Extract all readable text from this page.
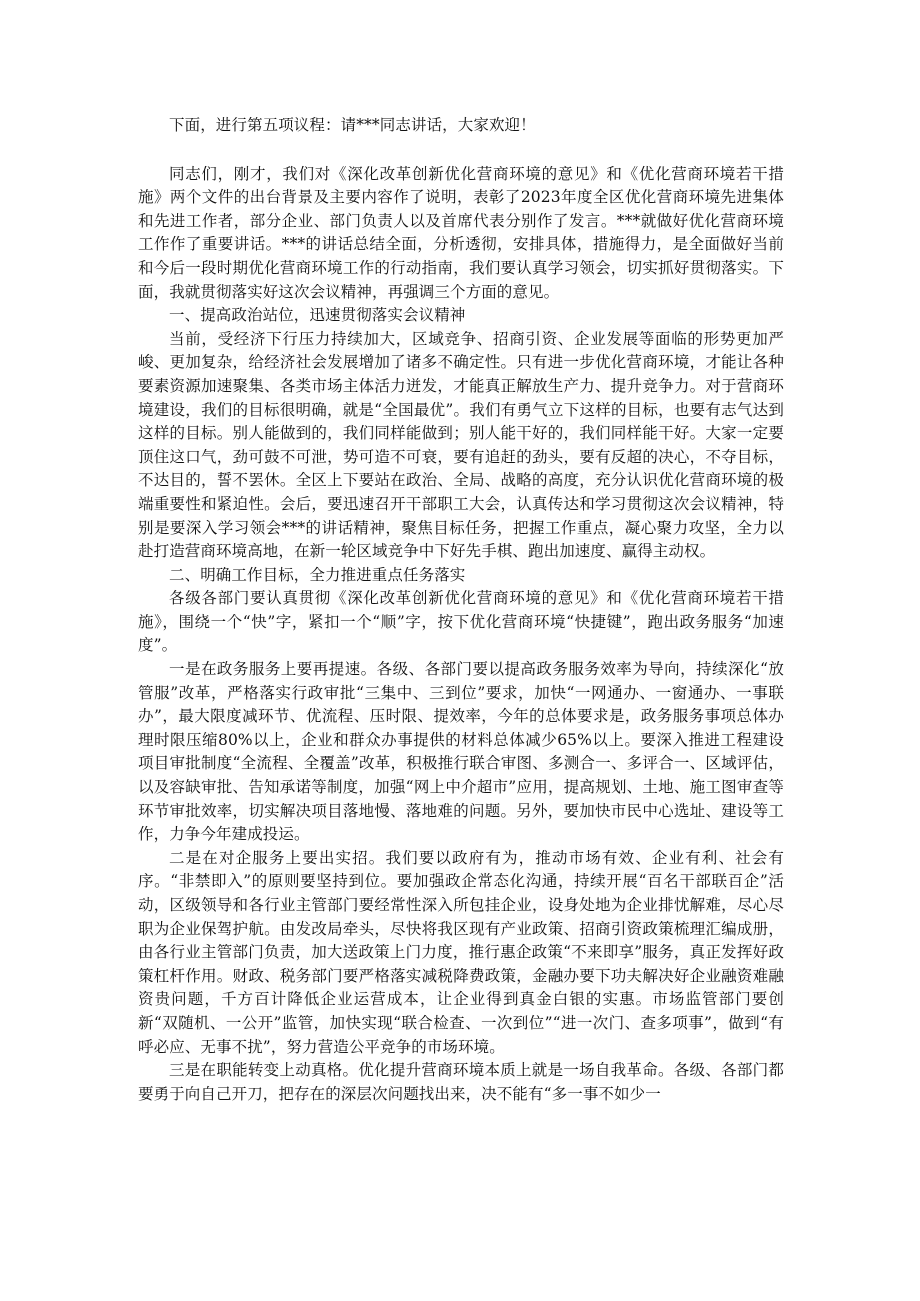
下面，进行第五项议程：请***同志讲话，大家欢迎！

同志们，刚才，我们对《深化改革创新优化营商环境的意见》和《优化营商环境若干措施》两个文件的出台背景及主要内容作了说明，表彰了2023年度全区优化营商环境先进集体和先进工作者，部分企业、部门负责人以及首席代表分别作了发言。***就做好优化营商环境工作作了重要讲话。***的讲话总结全面，分析透彻，安排具体，措施得力，是全面做好当前和今后一段时期优化营商环境工作的行动指南，我们要认真学习领会，切实抓好贯彻落实。下面，我就贯彻落实好这次会议精神，再强调三个方面的意见。

一、提高政治站位，迅速贯彻落实会议精神

当前，受经济下行压力持续加大，区域竞争、招商引资、企业发展等面临的形势更加严峻、更加复杂，给经济社会发展增加了诸多不确定性。只有进一步优化营商环境，才能让各种要素资源加速聚集、各类市场主体活力迸发，才能真正解放生产力、提升竞争力。对于营商环境建设，我们的目标很明确，就是“全国最优”。我们有勇气立下这样的目标，也要有志气达到这样的目标。别人能做到的，我们同样能做到；别人能干好的，我们同样能干好。大家一定要顶住这口气，劲可鼓不可泄，势可造不可衰，要有追赶的劲头，要有反超的决心，不夺目标，不达目的，誓不罢休。全区上下要站在政治、全局、战略的高度，充分认识优化营商环境的极端重要性和紧迫性。会后，要迅速召开干部职工大会，认真传达和学习贯彻这次会议精神，特别是要深入学习领会***的讲话精神，聚焦目标任务，把握工作重点，凝心聚力攻坚，全力以赴打造营商环境高地，在新一轮区域竞争中下好先手棋、跑出加速度、赢得主动权。

二、明确工作目标，全力推进重点任务落实

各级各部门要认真贯彻《深化改革创新优化营商环境的意见》和《优化营商环境若干措施》，围绕一个“快”字，紧扣一个“顺”字，按下优化营商环境“快捷键”，跑出政务服务“加速度”。

一是在政务服务上要再提速。各级、各部门要以提高政务服务效率为导向，持续深化“放管服”改革，严格落实行政审批“三集中、三到位”要求，加快“一网通办、一窗通办、一事联办”，最大限度减环节、优流程、压时限、提效率，今年的总体要求是，政务服务事项总体办理时限压缩80%以上，企业和群众办事提供的材料总体减少65%以上。要深入推进工程建设项目审批制度“全流程、全覆盖”改革，积极推行联合审图、多测合一、多评合一、区域评估，以及容缺审批、告知承诺等制度，加强“网上中介超市”应用，提高规划、土地、施工图审查等环节审批效率，切实解决项目落地慢、落地难的问题。另外，要加快市民中心选址、建设等工作，力争今年建成投运。

二是在对企服务上要出实招。我们要以政府有为，推动市场有效、企业有利、社会有序。“非禁即入”的原则要坚持到位。要加强政企常态化沟通，持续开展“百名干部联百企”活动，区级领导和各行业主管部门要经常性深入所包挂企业，设身处地为企业排忧解难，尽心尽职为企业保驾护航。由发改局牵头，尽快将我区现有产业政策、招商引资政策梳理汇编成册，由各行业主管部门负责，加大送政策上门力度，推行惠企政策“不来即享”服务，真正发挥好政策杠杆作用。财政、税务部门要严格落实减税降费政策，金融办要下功夫解决好企业融资难融资贵问题，千方百计降低企业运营成本，让企业得到真金白银的实惠。市场监管部门要创新“双随机、一公开”监管，加快实现“联合检查、一次到位”“进一次门、查多项事”，做到“有呼必应、无事不扰”，努力营造公平竞争的市场环境。

三是在职能转变上动真格。优化提升营商环境本质上就是一场自我革命。各级、各部门都要勇于向自己开刀，把存在的深层次问题找出来，决不能有“多一事不如少一
